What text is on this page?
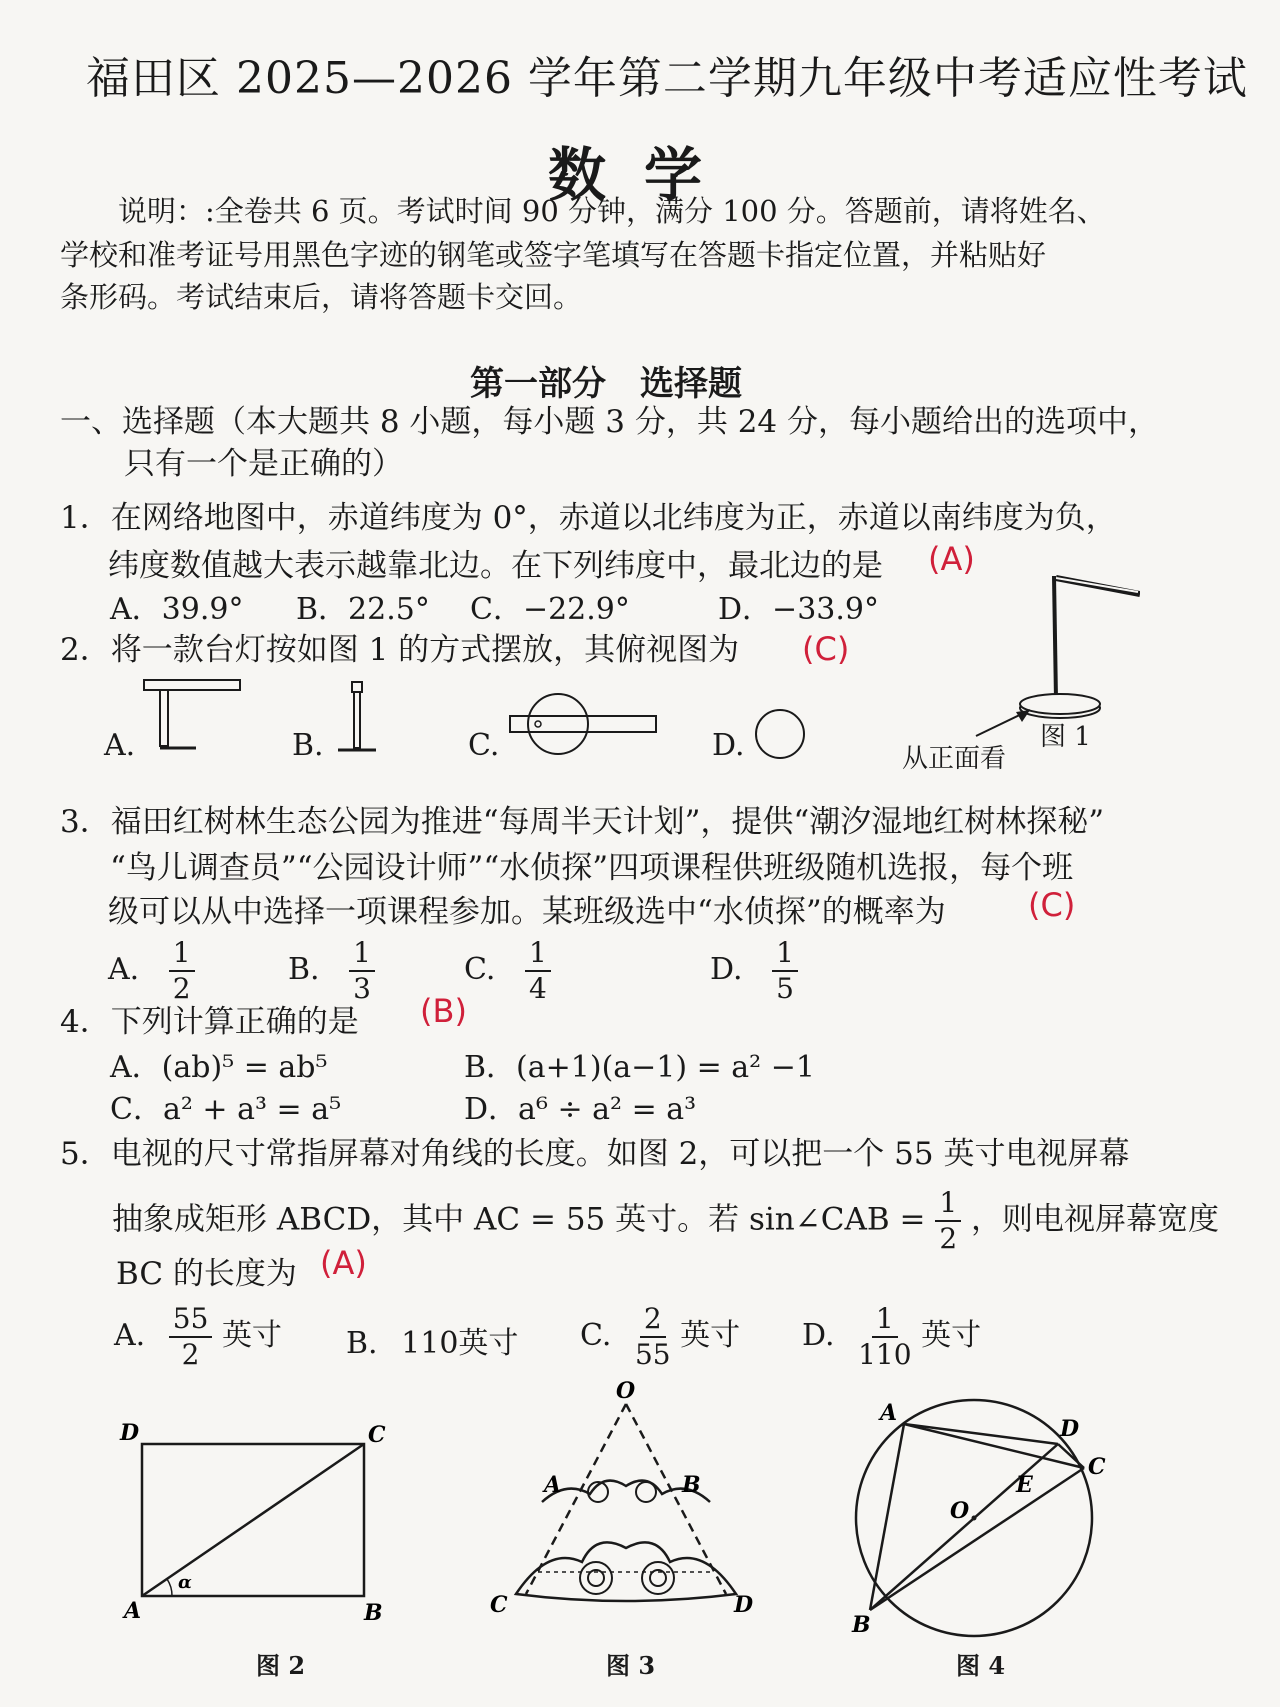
福田区 2025—2026 学年第二学期九年级中考适应性考试
数学
说明：:全卷共 6 页。考试时间 90 分钟，满分 100 分。答题前，请将姓名、
学校和准考证号用黑色字迹的钢笔或签字笔填写在答题卡指定位置，并粘贴好
条形码。考试结束后，请将答题卡交回。
第一部分　选择题
一、选择题（本大题共 8 小题，每小题 3 分，共 24 分，每小题给出的选项中，
只有一个是正确的）
1．在网络地图中，赤道纬度为 0°，赤道以北纬度为正，赤道以南纬度为负，
纬度数值越大表示越靠北边。在下列纬度中，最北边的是 (A)
A．39.9° B．22.5° C．−22.9°	D．−33.9°
2．将一款台灯按如图 1 的方式摆放，其俯视图为 (C)
A.	B.	C.	D.	图 1
从正面看
3．福田红树林生态公园为推进“每周半天计划”，提供“潮汐湿地红树林探秘”
“鸟儿调查员”“公园设计师”“水侦探”四项课程供班级随机选报，每个班
级可以从中选择一项课程参加。某班级选中“水侦探”的概率为	(C)
A. $\frac{1}{2}$	B. $\frac{1}{3}$	C. $\frac{1}{4}$	D. $\frac{1}{5}$
4．下列计算正确的是 (B)
A．(ab)⁵ = ab⁵	B．(a+1)(a−1) = a² −1
C．a² + a³ = a⁵	D．a⁶ ÷ a² = a³
5．电视的尺寸常指屏幕对角线的长度。如图 2，可以把一个 55 英寸电视屏幕
抽象成矩形 ABCD，其中 AC = 55 英寸。若 sin∠CAB = $\frac{1}{2}$ ，则电视屏幕宽度
BC 的长度为 (A)
A. $\frac{55}{2}$ 英寸 B. 110英寸 C. $\frac{2}{55}$ 英寸 D. $\frac{1}{110}$ 英寸
D	C
A	B
α
图 2
O
A	B
C	D
图 3
A
D
E
C
O
B
图 4
